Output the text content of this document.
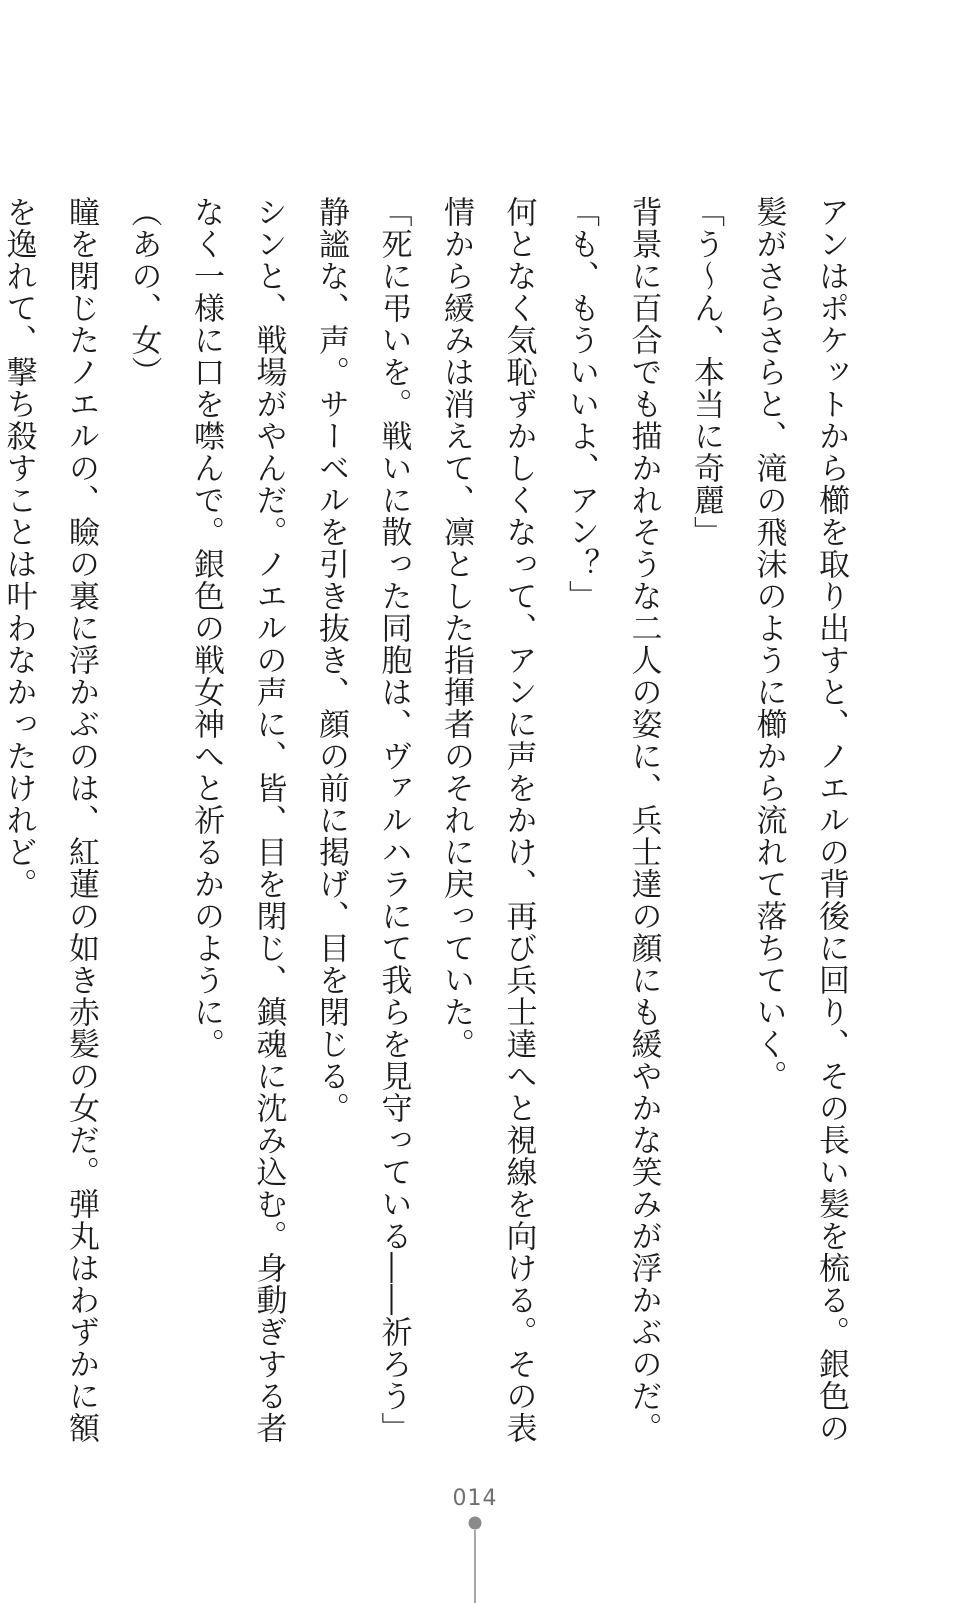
アンはポケットから櫛を取り出すと、ノエルの背後に回り、その長い髪を梳る。銀色の
髪がさらさらと、滝の飛沫のように櫛から流れて落ちていく。
「う～ん、本当に奇麗」
背景に百合でも描かれそうな二人の姿に、兵士達の顔にも緩やかな笑みが浮かぶのだ。
「も、もういいよ、アン？」
何となく気恥ずかしくなって、アンに声をかけ、再び兵士達へと視線を向ける。その表
情から緩みは消えて、凛とした指揮者のそれに戻っていた。
「死に弔いを。戦いに散った同胞は、ヴァルハラにて我らを見守っている――祈ろう」
静謐な、声。サーベルを引き抜き、顔の前に掲げ、目を閉じる。
シンと、戦場がやんだ。ノエルの声に、皆、目を閉じ、鎮魂に沈み込む。身動ぎする者
なく一様に口を噤んで。銀色の戦女神へと祈るかのように。
（あの、女）
瞳を閉じたノエルの、瞼の裏に浮かぶのは、紅蓮の如き赤髪の女だ。弾丸はわずかに額
を逸れて、撃ち殺すことは叶わなかったけれど。
014
